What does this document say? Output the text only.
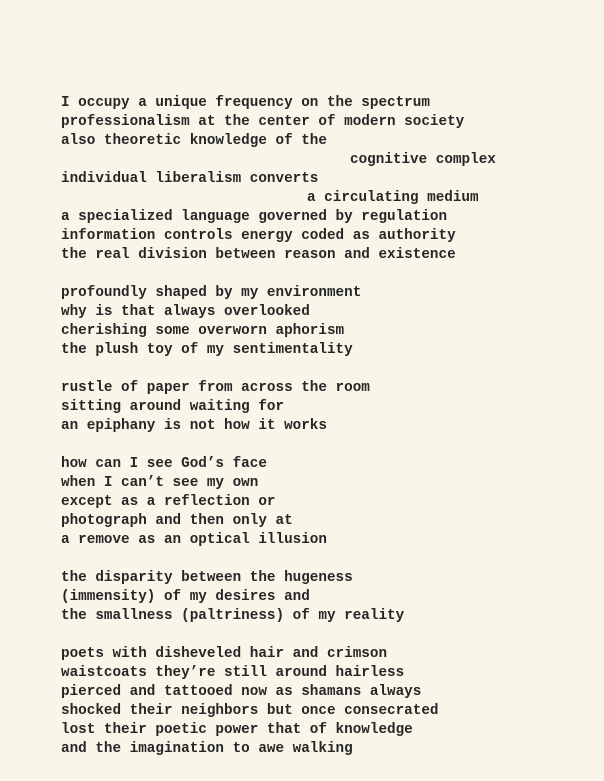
I occupy a unique frequency on the spectrum
professionalism at the center of modern society
also theoretic knowledge of the
cognitive complex
individual liberalism converts
a circulating medium
a specialized language governed by regulation
information controls energy coded as authority
the real division between reason and existence
profoundly shaped by my environment
why is that always overlooked
cherishing some overworn aphorism
the plush toy of my sentimentality
rustle of paper from across the room
sitting around waiting for
an epiphany is not how it works
how can I see God’s face
when I can’t see my own
except as a reflection or
photograph and then only at
a remove as an optical illusion
the disparity between the hugeness
(immensity) of my desires and
the smallness (paltriness) of my reality
poets with disheveled hair and crimson
waistcoats they’re still around hairless
pierced and tattooed now as shamans always
shocked their neighbors but once consecrated
lost their poetic power that of knowledge
and the imagination to awe walking
